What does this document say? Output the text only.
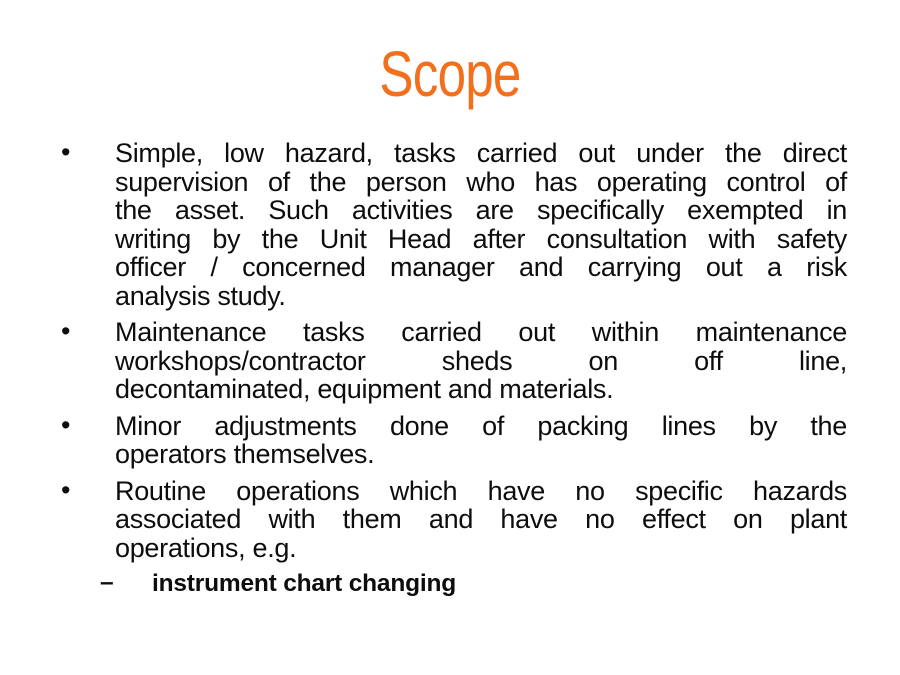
Scope
•	Simple, low hazard, tasks carried out under the direct
supervision of the person who has operating control of
the asset. Such activities are specifically exempted in
writing by the Unit Head after consultation with safety
officer / concerned manager and carrying out a risk
analysis study.
•	Maintenance tasks carried out within maintenance
workshops/contractor sheds on off line,
decontaminated, equipment and materials.
•	Minor adjustments done of packing lines by the
operators themselves.
•	Routine operations which have no specific hazards
associated with them and have no effect on plant
operations, e.g.
– instrument chart changing
